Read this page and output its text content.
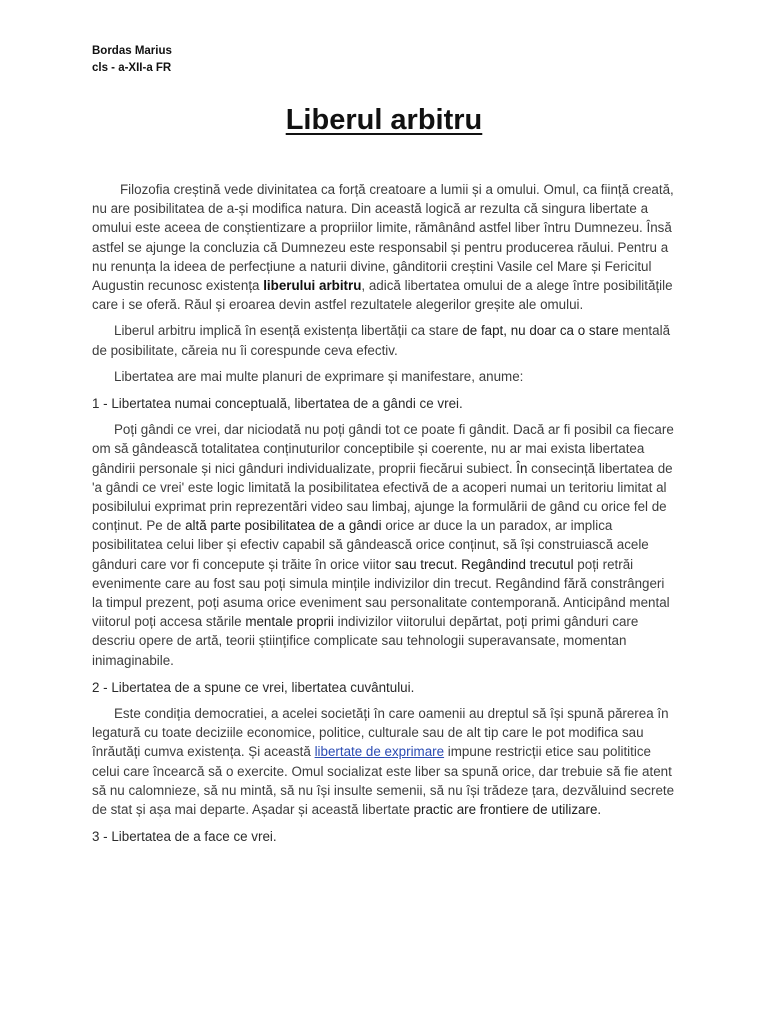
Bordas Marius
cls - a-XII-a FR
Liberul arbitru

Filozofia creștină vede divinitatea ca forță creatoare a lumii și a omului. Omul, ca ființă creată, nu are posibilitatea de a-și modifica natura. Din această logică ar rezulta că singura libertate a omului este aceea de conștientizare a propriilor limite, rămânând astfel liber întru Dumnezeu. Însă astfel se ajunge la concluzia că Dumnezeu este responsabil și pentru producerea răului. Pentru a nu renunța la ideea de perfecțiune a naturii divine, gânditorii creștini Vasile cel Mare și Fericitul Augustin recunosc existența liberului arbitru, adică libertatea omului de a alege între posibilitățile care i se oferă. Răul și eroarea devin astfel rezultatele alegerilor greșite ale omului.

Liberul arbitru implică în esență existența libertății ca stare de fapt, nu doar ca o stare mentală de posibilitate, căreia nu îi corespunde ceva efectiv.

Libertatea are mai multe planuri de exprimare și manifestare, anume:

1 - Libertatea numai conceptuală, libertatea de a gândi ce vrei.

Poți gândi ce vrei, dar niciodată nu poți gândi tot ce poate fi gândit. Dacă ar fi posibil ca fiecare om să gândească totalitatea conținuturilor conceptibile și coerente, nu ar mai exista libertatea gândirii personale și nici gânduri individualizate, proprii fiecărui subiect. În consecință libertatea de 'a gândi ce vrei' este logic limitată la posibilitatea efectivă de a acoperi numai un teritoriu limitat al posibilului exprimat prin reprezentări video sau limbaj, ajunge la formulării de gând cu orice fel de conținut. Pe de altă parte posibilitatea de a gândi orice ar duce la un paradox, ar implica posibilitatea celui liber și efectiv capabil să gândească orice conținut, să își construiască acele gânduri care vor fi concepute și trăite în orice viitor sau trecut. Regândind trecutul poți retrăi evenimente care au fost sau poți simula mințile indivizilor din trecut. Regândind fără constrângeri la timpul prezent, poți asuma orice eveniment sau personalitate contemporană. Anticipând mental viitorul poți accesa stările mentale proprii indivizilor viitorului depărtat, poți primi gânduri care descriu opere de artă, teorii științifice complicate sau tehnologii superavansate, momentan inimaginabile.

2 - Libertatea de a spune ce vrei, libertatea cuvântului.

Este condiția democratiei, a acelei societăți în care oamenii au dreptul să își spună părerea în legatură cu toate deciziile economice, politice, culturale sau de alt tip care le pot modifica sau înrăutăți cumva existența. Și această libertate de exprimare impune restricții etice sau polititice celui care încearcă să o exercite. Omul socializat este liber sa spună orice, dar trebuie să fie atent să nu calomnieze, să nu mintă, să nu își insulte semenii, să nu își trădeze țara, dezvăluind secrete de stat și așa mai departe. Așadar și această libertate practic are frontiere de utilizare.

3 - Libertatea de a face ce vrei.
